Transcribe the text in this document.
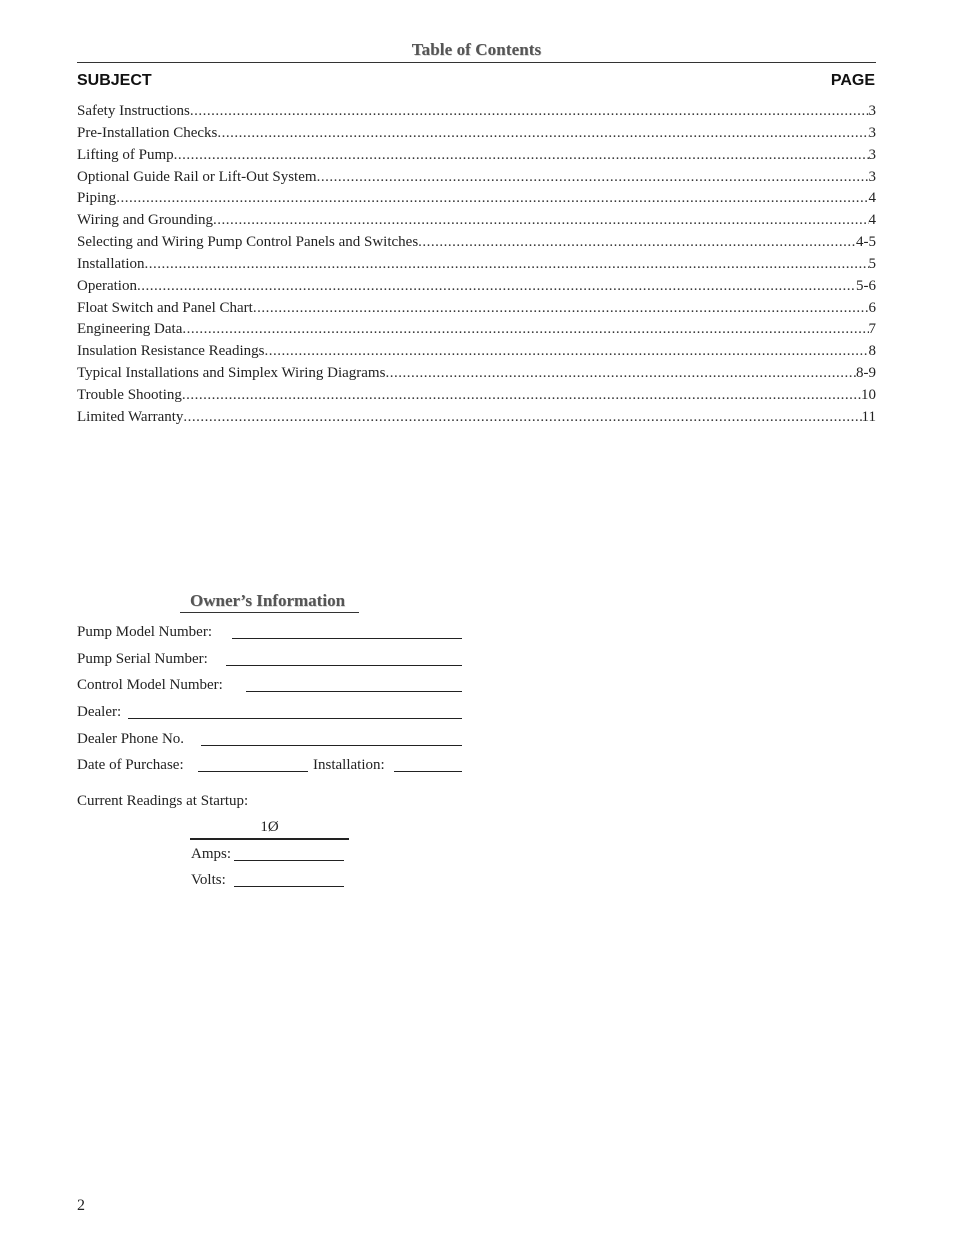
Table of Contents
SUBJECT	PAGE
Safety Instructions .....	3
Pre-Installation Checks .....	3
Lifting of Pump .....	3
Optional Guide Rail or Lift-Out System .....	3
Piping .....	4
Wiring and Grounding .....	4
Selecting and Wiring Pump Control Panels and Switches .....	4-5
Installation .....	5
Operation .....	5-6
Float Switch and Panel Chart .....	6
Engineering Data .....	7
Insulation Resistance Readings .....	8
Typical Installations and Simplex Wiring Diagrams .....	8-9
Trouble Shooting .....	10
Limited Warranty .....	11
Owner’s Information
Pump Model Number:
Pump Serial Number:
Control Model Number:
Dealer:
Dealer Phone No.
Date of Purchase:	Installation:
Current Readings at Startup:
1Ø
Amps:
Volts:
2
